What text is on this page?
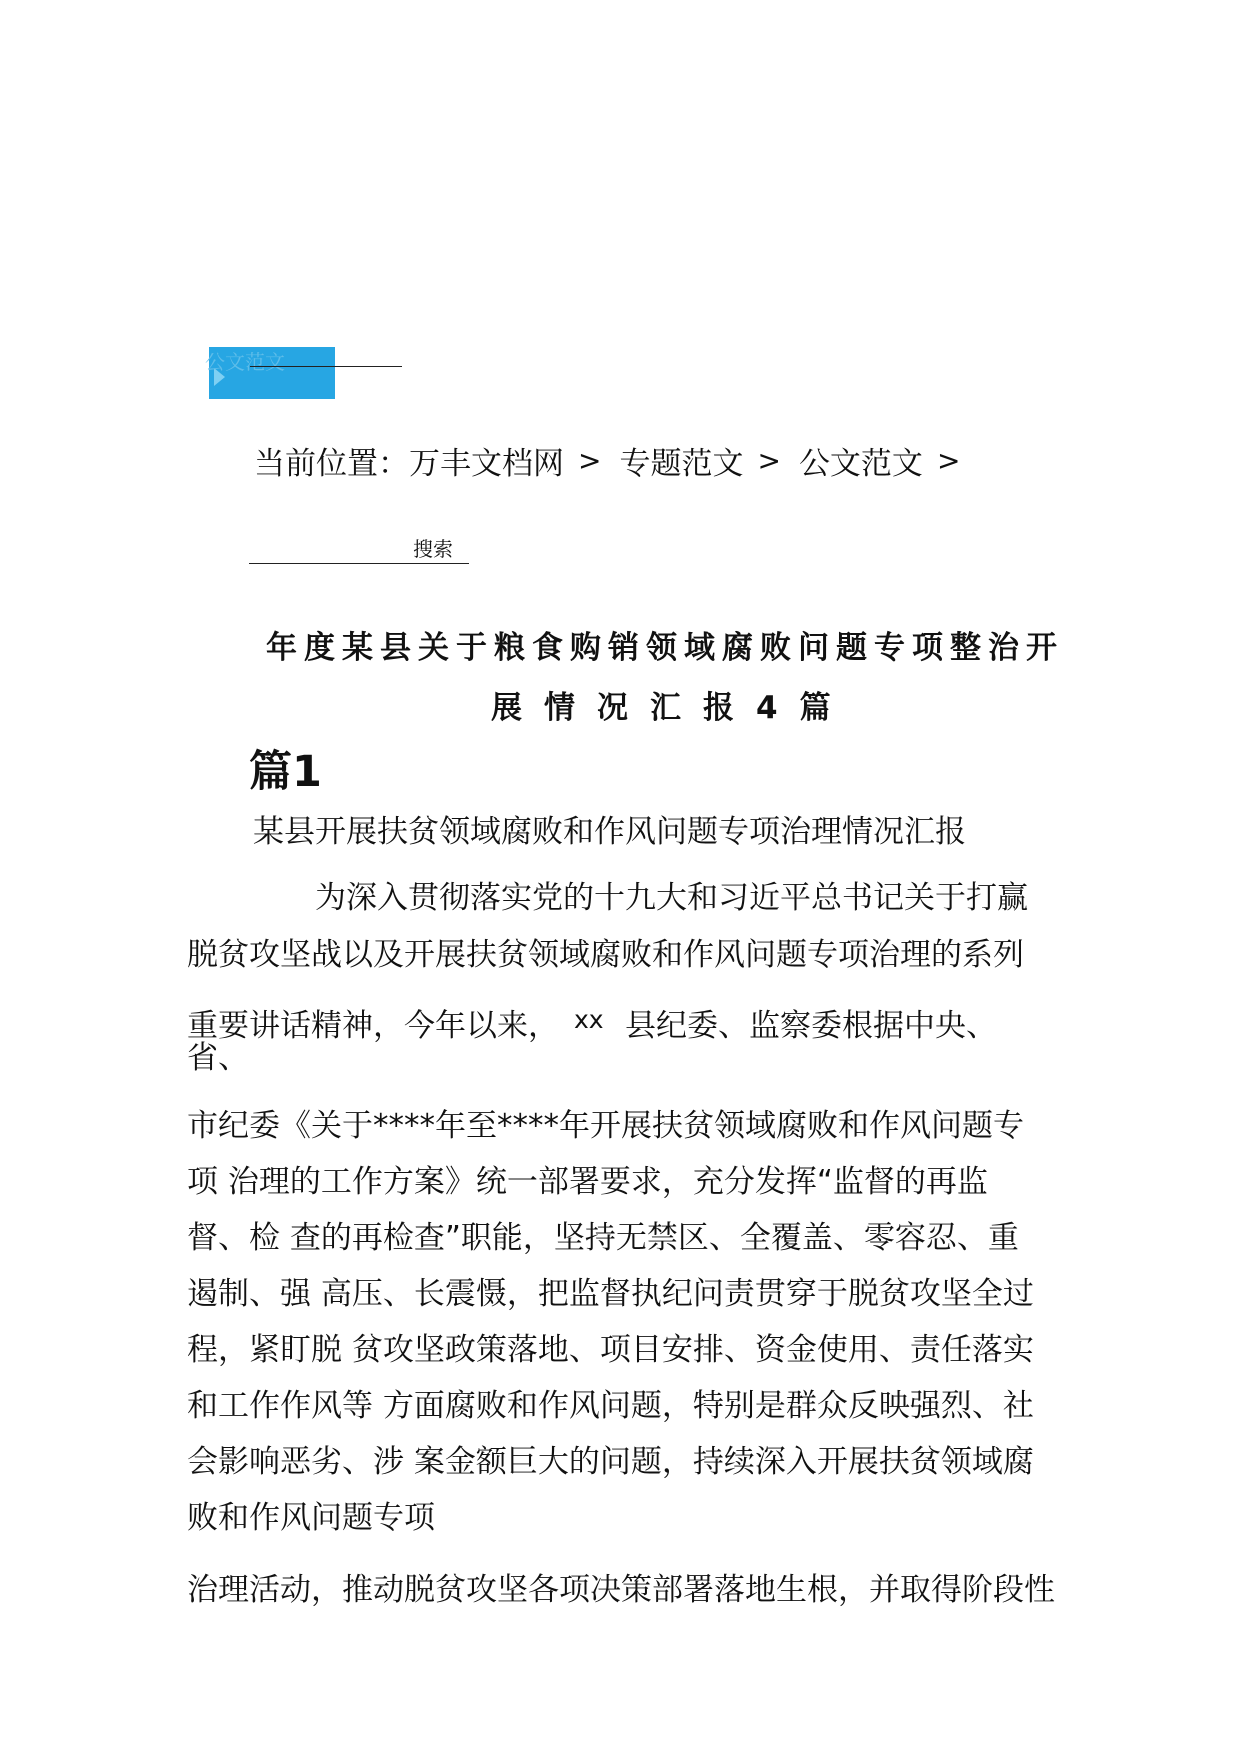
公文范文
当前位置： 万丰文档网 > 专题范文 > 公文范文 >
搜索
年度某县关于粮食购销领域腐败问题专项整治开
展情况汇报4篇
篇1
某县开展扶贫领域腐败和作风问题专项治理情况汇报
为深入贯彻落实党的十九大和习近平总书记关于打赢
脱贫攻坚战以及开展扶贫领域腐败和作风问题专项治理的系列
重要讲话精神，今年以来， xx 县纪委、监察委根据中央、
省、
市纪委《关于****年至****年开展扶贫领域腐败和作风问题专
项 治理的工作方案》统一部署要求，充分发挥“监督的再监
督、检 查的再检查”职能，坚持无禁区、全覆盖、零容忍、重
遏制、强 高压、长震慑，把监督执纪问责贯穿于脱贫攻坚全过
程，紧盯脱 贫攻坚政策落地、项目安排、资金使用、责任落实
和工作作风等 方面腐败和作风问题，特别是群众反映强烈、社
会影响恶劣、涉 案金额巨大的问题，持续深入开展扶贫领域腐
败和作风问题专项
治理活动，推动脱贫攻坚各项决策部署落地生根，并取得阶段性
